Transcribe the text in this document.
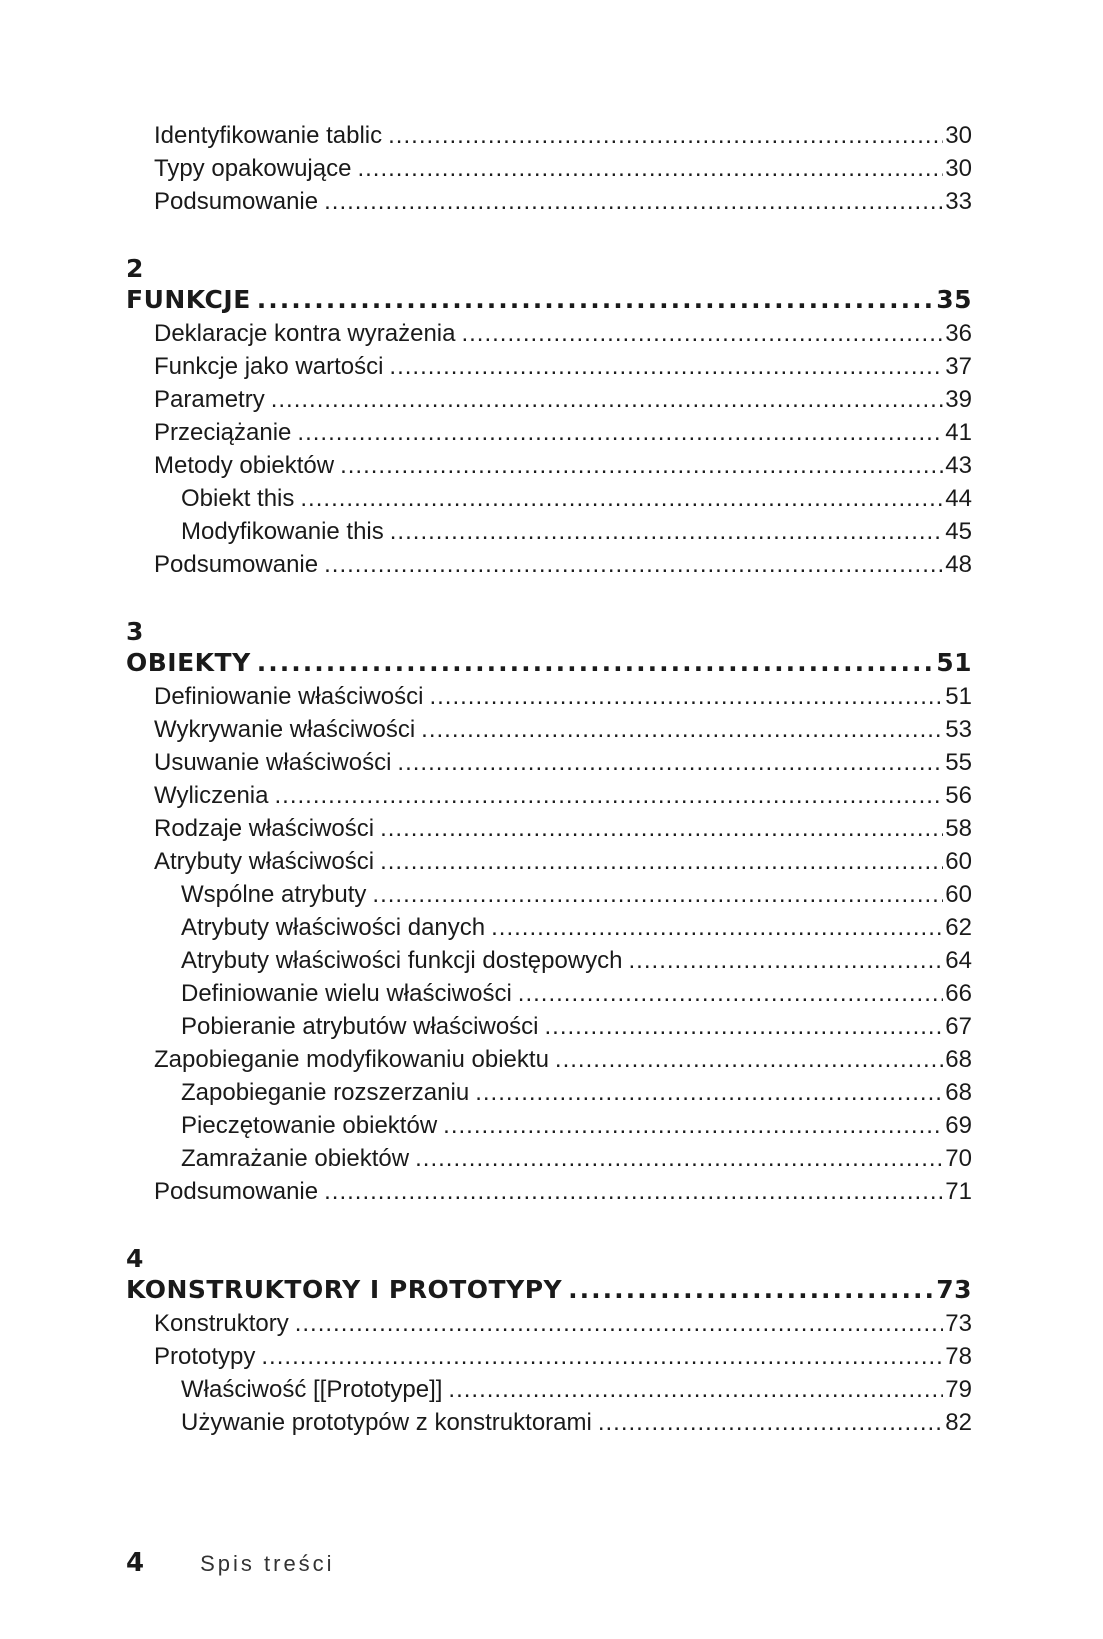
Identyfikowanie tablic .....	30
Typy opakowujące .....	30
Podsumowanie .....	33
2
FUNKCJE .....	35
Deklaracje kontra wyrażenia .....	36
Funkcje jako wartości .....	37
Parametry .....	39
Przeciążanie .....	41
Metody obiektów .....	43
Obiekt this .....	44
Modyfikowanie this .....	45
Podsumowanie .....	48
3
OBIEKTY .....	51
Definiowanie właściwości .....	51
Wykrywanie właściwości .....	53
Usuwanie właściwości .....	55
Wyliczenia .....	56
Rodzaje właściwości .....	58
Atrybuty właściwości .....	60
Wspólne atrybuty .....	60
Atrybuty właściwości danych .....	62
Atrybuty właściwości funkcji dostępowych .....	64
Definiowanie wielu właściwości .....	66
Pobieranie atrybutów właściwości .....	67
Zapobieganie modyfikowaniu obiektu .....	68
Zapobieganie rozszerzaniu .....	68
Pieczętowanie obiektów .....	69
Zamrażanie obiektów .....	70
Podsumowanie .....	71
4
KONSTRUKTORY I PROTOTYPY .....	73
Konstruktory .....	73
Prototypy .....	78
Właściwość [[Prototype]] .....	79
Używanie prototypów z konstruktorami .....	82
4	Spis treści
